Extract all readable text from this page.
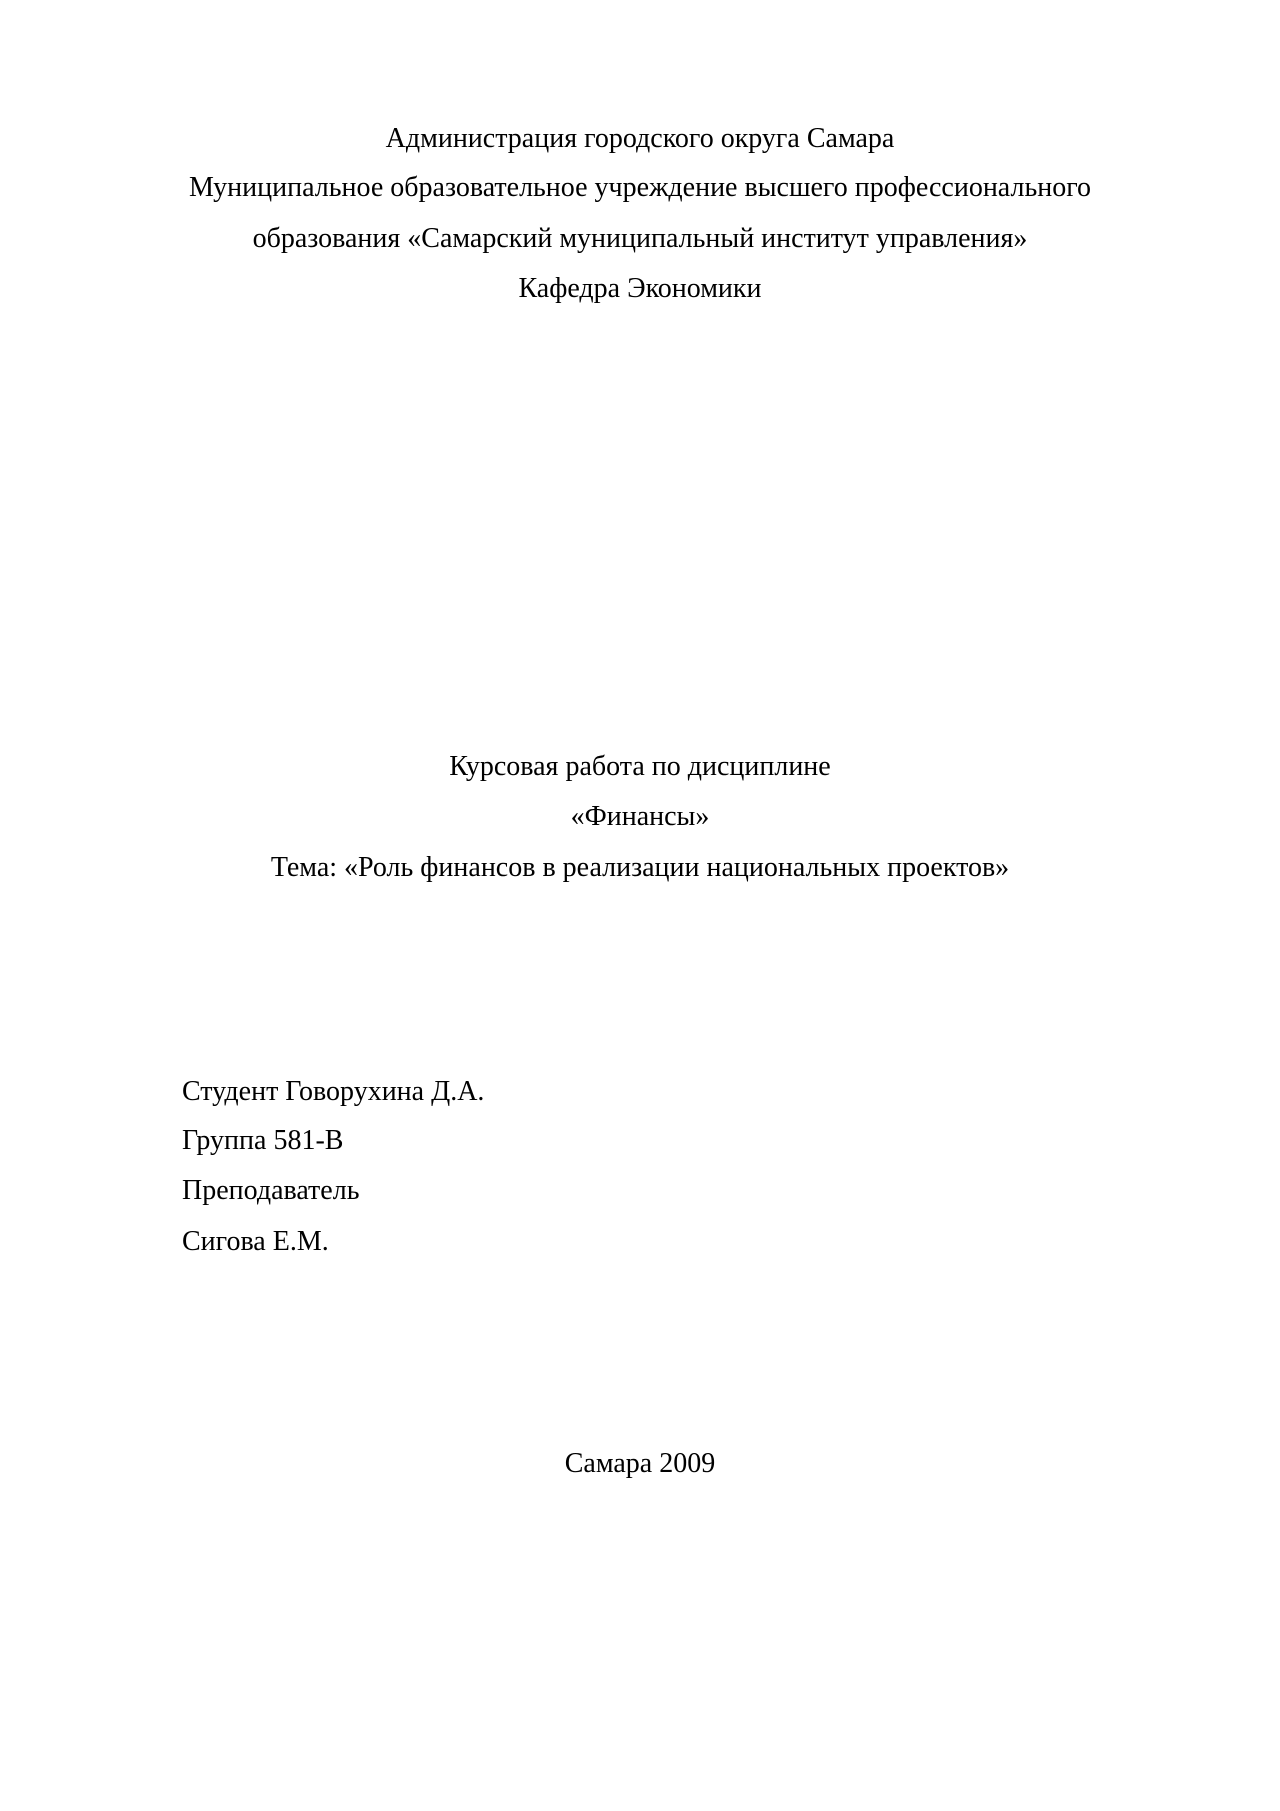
Администрация городского округа Самара
Муниципальное образовательное учреждение высшего профессионального
образования «Самарский муниципальный институт управления»
Кафедра Экономики
Курсовая работа по дисциплине
«Финансы»
Тема: «Роль финансов в реализации национальных проектов»
Студент Говорухина Д.А.
Группа 581-В
Преподаватель
Сигова Е.М.
Самара 2009
